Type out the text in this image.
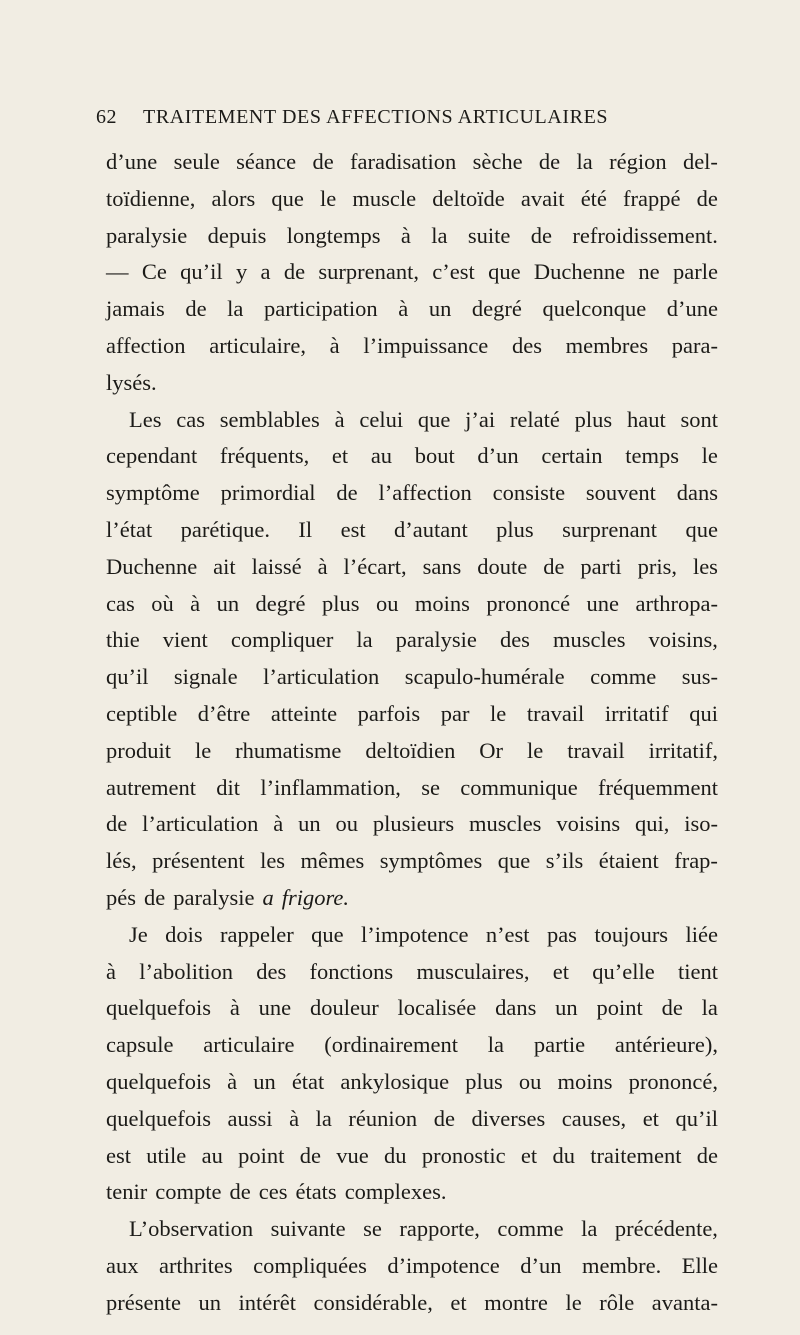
62 TRAITEMENT DES AFFECTIONS ARTICULAIRES
d’une seule séance de faradisation sèche de la région del-
toïdienne, alors que le muscle deltoïde avait été frappé de
paralysie depuis longtemps à la suite de refroidissement.
— Ce qu’il y a de surprenant, c’est que Duchenne ne parle
jamais de la participation à un degré quelconque d’une
affection articulaire, à l’impuissance des membres para-
lysés.
Les cas semblables à celui que j’ai relaté plus haut sont
cependant fréquents, et au bout d’un certain temps le
symptôme primordial de l’affection consiste souvent dans
l’état parétique. Il est d’autant plus surprenant que
Duchenne ait laissé à l’écart, sans doute de parti pris, les
cas où à un degré plus ou moins prononcé une arthropa-
thie vient compliquer la paralysie des muscles voisins,
qu’il signale l’articulation scapulo-humérale comme sus-
ceptible d’être atteinte parfois par le travail irritatif qui
produit le rhumatisme deltoïdien Or le travail irritatif,
autrement dit l’inflammation, se communique fréquemment
de l’articulation à un ou plusieurs muscles voisins qui, iso-
lés, présentent les mêmes symptômes que s’ils étaient frap-
pés de paralysie a frigore.
Je dois rappeler que l’impotence n’est pas toujours liée
à l’abolition des fonctions musculaires, et qu’elle tient
quelquefois à une douleur localisée dans un point de la
capsule articulaire (ordinairement la partie antérieure),
quelquefois à un état ankylosique plus ou moins prononcé,
quelquefois aussi à la réunion de diverses causes, et qu’il
est utile au point de vue du pronostic et du traitement de
tenir compte de ces états complexes.
L’observation suivante se rapporte, comme la précédente,
aux arthrites compliquées d’impotence d’un membre. Elle
présente un intérêt considérable, et montre le rôle avanta-
